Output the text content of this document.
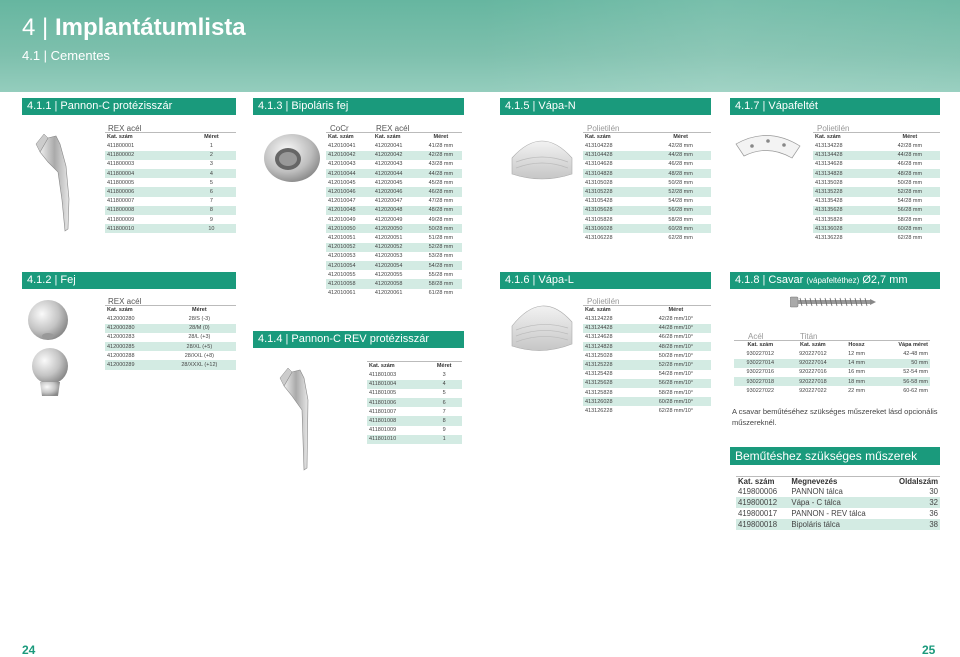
4 | Implantátumlista
4.1 | Cementes
4.1.1 | Pannon-C protézisszár
REX acél
Kat. szám	Méret
411800001	1
411800002	2
411800003	3
411800004	4
411800005	5
411800006	6
411800007	7
411800008	8
411800009	9
411800010	10
4.1.2 | Fej
REX acél
Kat. szám	Méret
412000280	28/S (-3)
412000280	28/M (0)
412000283	28/L (+3)
412000285	28/XL (+5)
412000288	28/XXL (+8)
412000289	28/XXXL (+12)
4.1.3 | Bipoláris fej
CoCr	REX acél
Kat. szám	Kat. szám	Méret
412010041	412020041	41/28 mm
412010042	412020042	42/28 mm
412010043	412020043	43/28 mm
412010044	412020044	44/28 mm
412010045	412020045	45/28 mm
412010046	412020046	46/28 mm
412010047	412020047	47/28 mm
412010048	412020048	48/28 mm
412010049	412020049	49/28 mm
412010050	412020050	50/28 mm
412010051	412020051	51/28 mm
412010052	412020052	52/28 mm
412010053	412020053	53/28 mm
412010054	412020054	54/28 mm
412010055	412020055	55/28 mm
412010058	412020058	58/28 mm
412010061	412020061	61/28 mm
4.1.4 | Pannon-C REV protézisszár
Kat. szám	Méret
411801003	3
411801004	4
411801005	5
411801006	6
411801007	7
411801008	8
411801009	9
411801010	1
4.1.5 | Vápa-N
Polietilén
Kat. szám	Méret
413104228	42/28 mm
413104428	44/28 mm
413104628	46/28 mm
413104828	48/28 mm
413105028	50/28 mm
413105228	52/28 mm
413105428	54/28 mm
413105628	56/28 mm
413105828	58/28 mm
413106028	60/28 mm
413106228	62/28 mm
4.1.6 | Vápa-L
Polietilén
Kat. szám	Méret
413124228	42/28 mm/10°
413124428	44/28 mm/10°
413124628	46/28 mm/10°
413124828	48/28 mm/10°
413125028	50/28 mm/10°
413125228	52/28 mm/10°
413125428	54/28 mm/10°
413125628	56/28 mm/10°
413125828	58/28 mm/10°
413126028	60/28 mm/10°
413126228	62/28 mm/10°
4.1.7 | Vápafeltét
Polietilén
Kat. szám	Méret
413134228	42/28 mm
413134428	44/28 mm
413134628	46/28 mm
413134828	48/28 mm
413135028	50/28 mm
413135228	52/28 mm
413135428	54/28 mm
413135628	56/28 mm
413135828	58/28 mm
413136028	60/28 mm
413136228	62/28 mm
4.1.8 | Csavar (vápafeltéthez) Ø2,7 mm
Acél	Titán
Kat. szám	Kat. szám	Hossz	Vápa méret
930227012	920227012	12 mm	42-48 mm
930227014	920227014	14 mm	50 mm
930227016	920227016	16 mm	52-54 mm
930227018	920227018	18 mm	56-58 mm
930227022	920227022	22 mm	60-62 mm
A csavar beműtéséhez szükséges műszereket lásd opcionális műszereknél.
Beműtéshez szükséges műszerek
Kat. szám	Megnevezés	Oldalszám
419800006	PANNON tálca	30
419800012	Vápa - C tálca	32
419800017	PANNON - REV tálca	36
419800018	Bipoláris tálca	38
24	25
